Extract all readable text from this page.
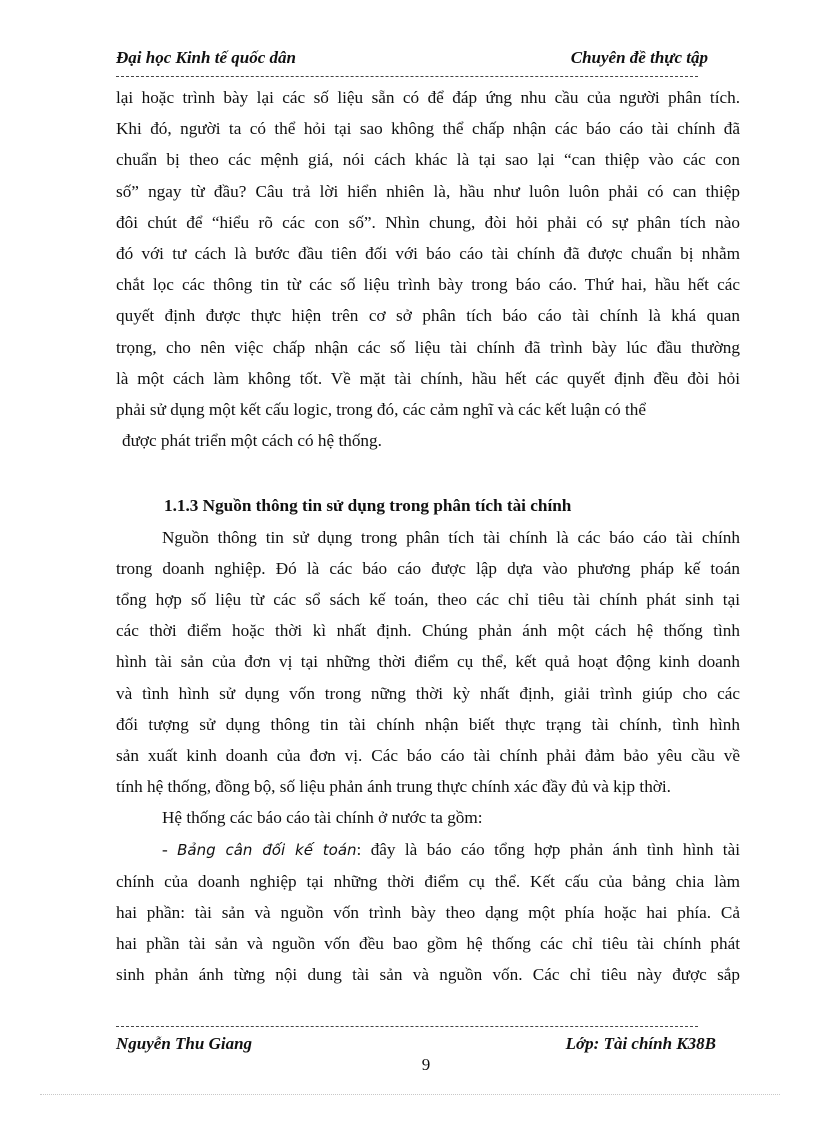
Đại học Kinh tế quốc dân	Chuyên đề thực tập

lại hoặc trình bày lại các số liệu sẵn có để đáp ứng nhu cầu của người phân tích.
Khi đó, người ta có thể hỏi tại sao không thể chấp nhận các báo cáo tài chính đã
chuẩn bị theo các mệnh giá, nói cách khác là tại sao lại “can thiệp vào các con
số” ngay từ đầu? Câu trả lời hiển nhiên là, hầu như luôn luôn phải có can thiệp
đôi chút để “hiểu rõ các con số”. Nhìn chung, đòi hỏi phải có sự phân tích nào
đó với tư cách là bước đầu tiên đối với báo cáo tài chính đã được chuẩn bị nhằm
chắt lọc các thông tin từ các số liệu trình bày trong báo cáo. Thứ hai, hầu hết các
quyết định được thực hiện trên cơ sở phân tích báo cáo tài chính là khá quan
trọng, cho nên việc chấp nhận các số liệu tài chính đã trình bày lúc đầu thường
là một cách làm không tốt. Về mặt tài chính, hầu hết các quyết định đều đòi hỏi
phải sử dụng một kết cấu logic, trong đó, các cảm nghĩ và các kết luận có thể
được phát triển một cách có hệ thống.

1.1.3 Nguồn thông tin sử dụng trong phân tích tài chính

Nguồn thông tin sử dụng trong phân tích tài chính là các báo cáo tài chính
trong doanh nghiệp. Đó là các báo cáo được lập dựa vào phương pháp kế toán
tổng hợp số liệu từ các sổ sách kế toán, theo các chỉ tiêu tài chính phát sinh tại
các thời điểm hoặc thời kì nhất định. Chúng phản ánh một cách hệ thống tình
hình tài sản của đơn vị tại những thời điểm cụ thể, kết quả hoạt động kinh doanh
và tình hình sử dụng vốn trong nững thời kỳ nhất định, giải trình giúp cho các
đối tượng sử dụng thông tin tài chính nhận biết thực trạng tài chính, tình hình
sản xuất kinh doanh của đơn vị. Các báo cáo tài chính phải đảm bảo yêu cầu về
tính hệ thống, đồng bộ, số liệu phản ánh trung thực chính xác đầy đủ và kịp thời.

Hệ thống các báo cáo tài chính ở nước ta gồm:

- Bảng cân đối kế toán: đây là báo cáo tổng hợp phản ánh tình hình tài
chính của doanh nghiệp tại những thời điểm cụ thể. Kết cấu của bảng chia làm
hai phần: tài sản và nguồn vốn trình bày theo dạng một phía hoặc hai phía. Cả
hai phần tài sản và nguồn vốn đều bao gồm hệ thống các chỉ tiêu tài chính phát
sinh phản ánh từng nội dung tài sản và nguồn vốn. Các chỉ tiêu này được sắp

Nguyễn Thu Giang	Lớp: Tài chính K38B
9
